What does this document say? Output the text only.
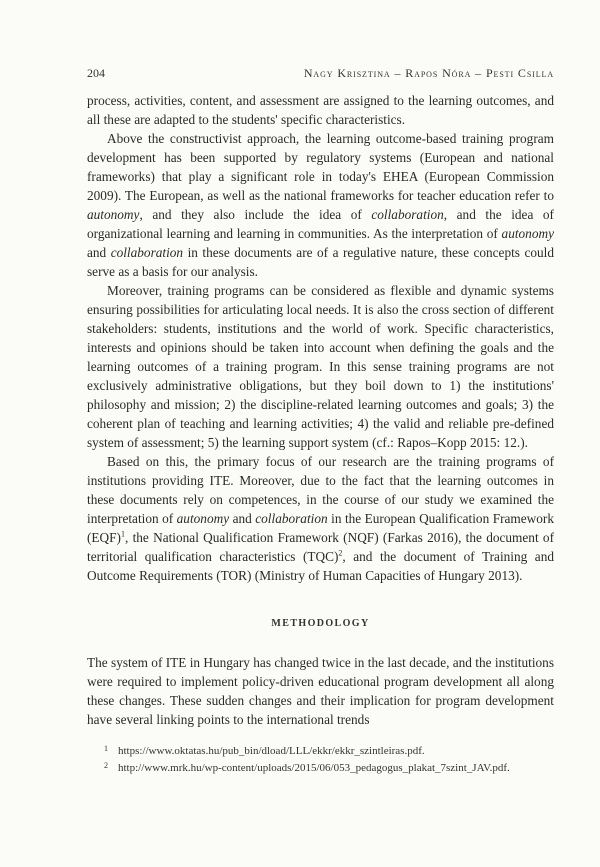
204	Nagy Krisztina – Rapos Nóra – Pesti Csilla

process, activities, content, and assessment are assigned to the learning outcomes, and all these are adapted to the students' specific characteristics.

Above the constructivist approach, the learning outcome-based training program development has been supported by regulatory systems (European and national frameworks) that play a significant role in today's EHEA (European Commission 2009). The European, as well as the national frameworks for teacher education refer to autonomy, and they also include the idea of collaboration, and the idea of organizational learning and learning in communities. As the interpretation of autonomy and collaboration in these documents are of a regulative nature, these concepts could serve as a basis for our analysis.

Moreover, training programs can be considered as flexible and dynamic systems ensuring possibilities for articulating local needs. It is also the cross section of different stakeholders: students, institutions and the world of work. Specific characteristics, interests and opinions should be taken into account when defining the goals and the learning outcomes of a training program. In this sense training programs are not exclusively administrative obligations, but they boil down to 1) the institutions' philosophy and mission; 2) the discipline-related learning outcomes and goals; 3) the coherent plan of teaching and learning activities; 4) the valid and reliable pre-defined system of assessment; 5) the learning support system (cf.: Rapos–Kopp 2015: 12.).

Based on this, the primary focus of our research are the training programs of institutions providing ITE. Moreover, due to the fact that the learning outcomes in these documents rely on competences, in the course of our study we examined the interpretation of autonomy and collaboration in the European Qualification Framework (EQF)$^1$, the National Qualification Framework (NQF) (Farkas 2016), the document of territorial qualification characteristics (TQC)$^2$, and the document of Training and Outcome Requirements (TOR) (Ministry of Human Capacities of Hungary 2013).

METHODOLOGY

The system of ITE in Hungary has changed twice in the last decade, and the institutions were required to implement policy-driven educational program development all along these changes. These sudden changes and their implication for program development have several linking points to the international trends

1 https://www.oktatas.hu/pub_bin/dload/LLL/ekkr/ekkr_szintleiras.pdf.
2 http://www.mrk.hu/wp-content/uploads/2015/06/053_pedagogus_plakat_7szint_JAV.pdf.
